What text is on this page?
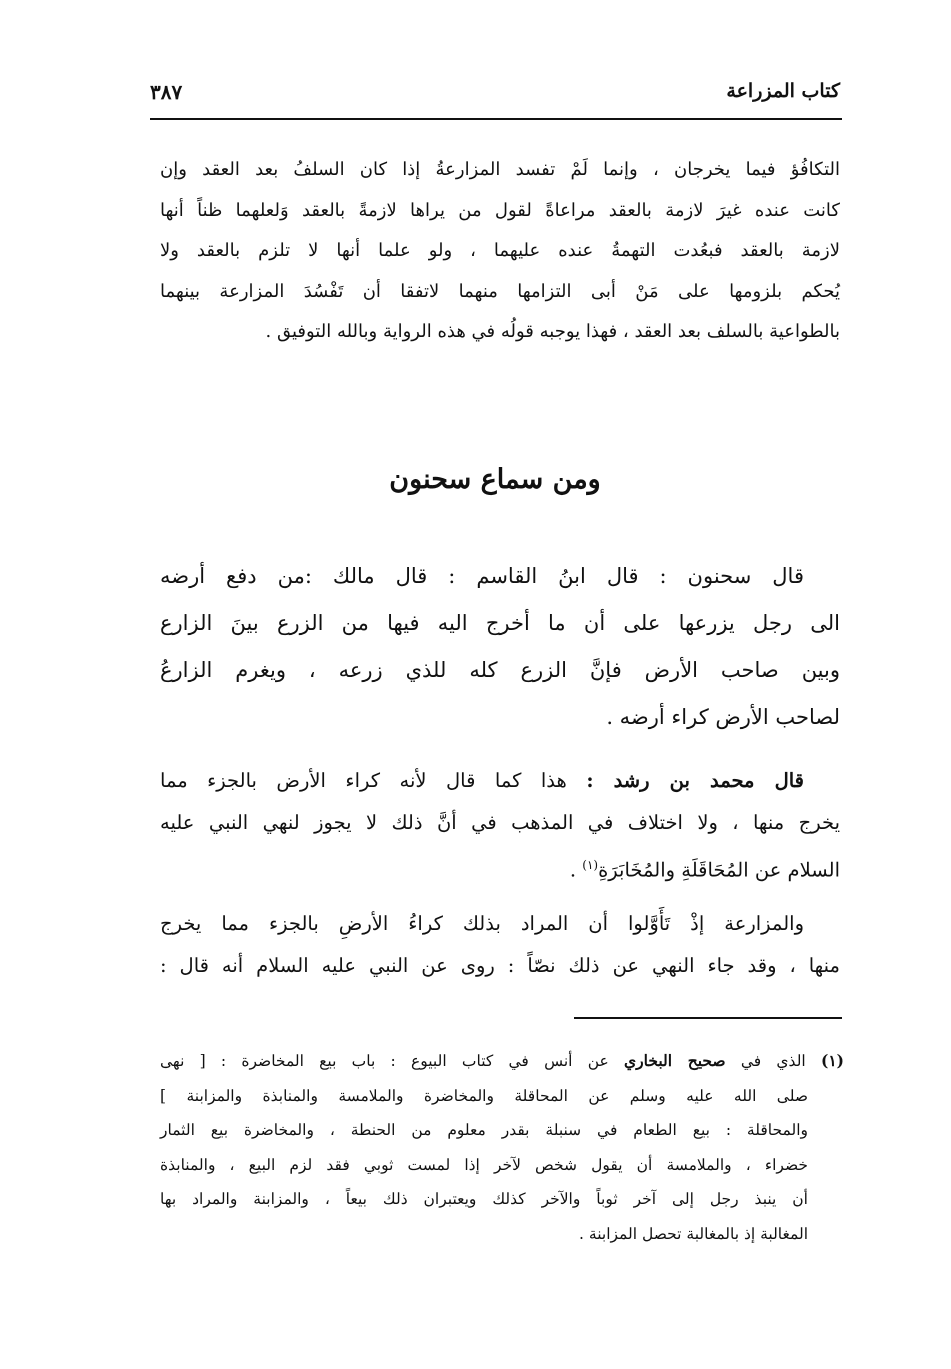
كتاب المزراعة
٣٨٧
التكافُؤ فيما يخرجان ، وإنما لَمْ تفسد المزارعةُ إذا كان السلفُ بعد العقد وإن
كانت عنده غيرَ لازمة بالعقد مراعاةً لقول من يراها لازمةً بالعقد وَلعلهما ظناً أنها
لازمة بالعقد فبعُدت التهمةُ عنده عليهما ، ولو علما أنها لا تلزم بالعقد ولا
يُحكم بلزومها على مَنْ أبى التزامها منهما لاتفقا أن تَفْسُدَ المزارعة بينهما
بالطواعية بالسلف بعد العقد ، فهذا يوجبه قولُه في هذه الرواية وبالله التوفيق .
ومن سماع سحنون
قال سحنون : قال ابنُ القاسم : قال مالك :من دفع أرضه
الى رجل يزرعها على أن ما أخرج اليه فيها من الزرع بينَ الزارع
وبين صاحب الأرض فإنَّ الزرع كله للذي زرعه ، ويغرم الزارعُ
لصاحب الأرض كراء أرضه .
قال محمد بن رشد : هذا كما قال لأنه كراء الأرض بالجزء مما
يخرج منها ، ولا اختلاف في المذهب في أنَّ ذلك لا يجوز لنهي النبي عليه
السلام عن المُحَاقَلَةِ والمُخَابَرَةِ$^{(١)}$ .
والمزارعة إذْ تَأَوَّلوا أن المراد بذلك كراءُ الأرضِ بالجزء مما يخرج
منها ، وقد جاء النهي عن ذلك نصّاً : روى عن النبي عليه السلام أنه قال :
(١) الذي في صحيح البخاري عن أنس في كتاب البيوع : باب بيع المخاضرة : [ نهى
صلى الله عليه وسلم عن المحاقلة والمخاضرة والملامسة والمنابذة والمزابنة ]
والمحاقلة : بيع الطعام في سنبلة بقدر معلوم من الحنطة ، والمخاضرة بيع الثمار
خضراء ، والملامسة أن يقول شخص لآخر إذا لمست ثوبي فقد لزم البيع ، والمنابذة
أن ينبذ رجل إلى آخر ثوباً والآخر كذلك ويعتبران ذلك بيعاً ، والمزابنة والمراد بها
المغالبة إذ بالمغالبة تحصل المزابنة .
